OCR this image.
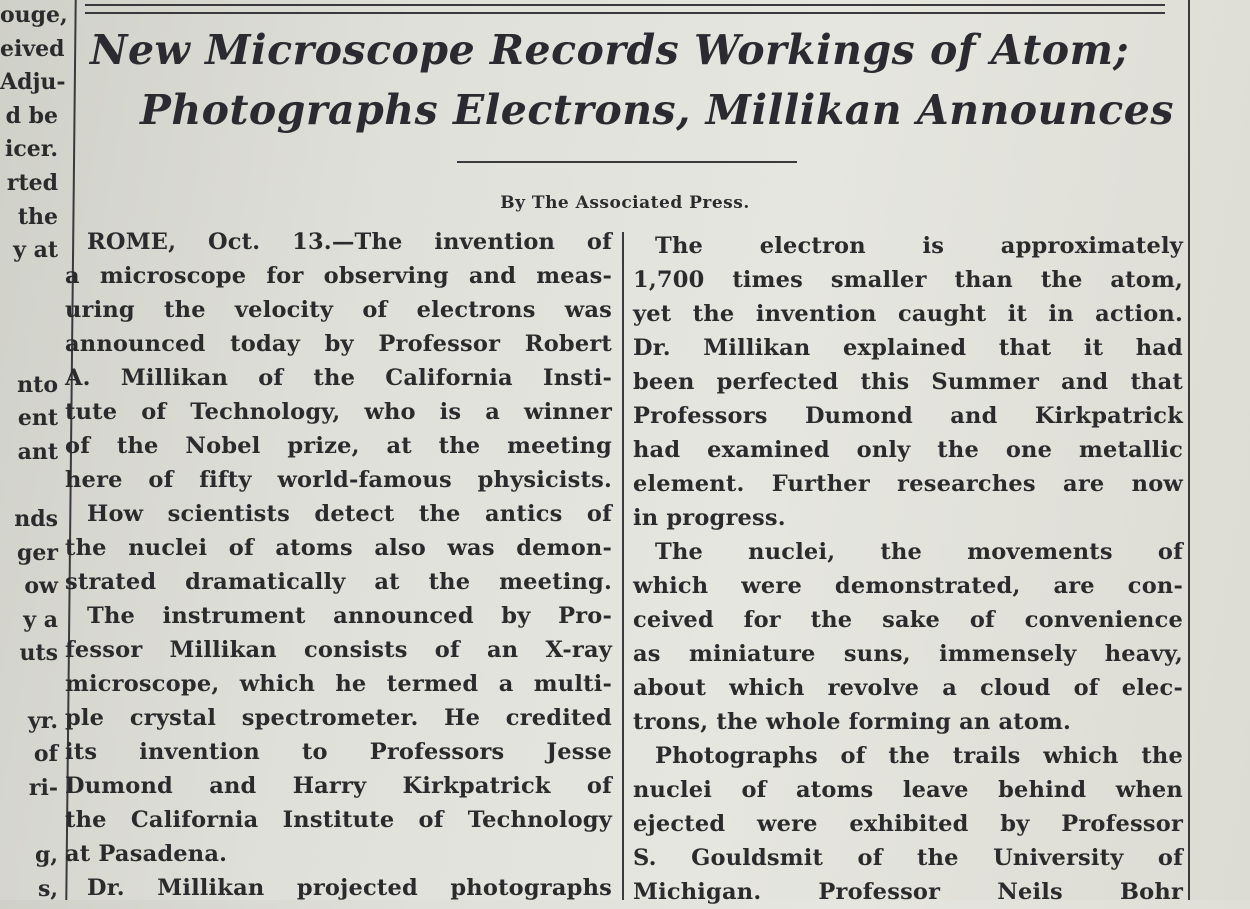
ouge,
eived
Adju-
d be
icer.
rted
the
y at
nto
ent
ant
nds
ger
ow
y a
uts
yr.
of
ri-
g,
s,
New Microscope Records Workings of Atom;
Photographs Electrons, Millikan Announces
By The Associated Press.
ROME, Oct. 13.—The invention of
a microscope for observing and meas-
uring the velocity of electrons was
announced today by Professor Robert
A. Millikan of the California Insti-
tute of Technology, who is a winner
of the Nobel prize, at the meeting
here of fifty world-famous physicists.
How scientists detect the antics of
the nuclei of atoms also was demon-
strated dramatically at the meeting.
The instrument announced by Pro-
fessor Millikan consists of an X-ray
microscope, which he termed a multi-
ple crystal spectrometer. He credited
its invention to Professors Jesse
Dumond and Harry Kirkpatrick of
the California Institute of Technology
at Pasadena.
Dr. Millikan projected photographs
The electron is approximately
1,700 times smaller than the atom,
yet the invention caught it in action.
Dr. Millikan explained that it had
been perfected this Summer and that
Professors Dumond and Kirkpatrick
had examined only the one metallic
element. Further researches are now
in progress.
The nuclei, the movements of
which were demonstrated, are con-
ceived for the sake of convenience
as miniature suns, immensely heavy,
about which revolve a cloud of elec-
trons, the whole forming an atom.
Photographs of the trails which the
nuclei of atoms leave behind when
ejected were exhibited by Professor
S. Gouldsmit of the University of
Michigan. Professor Neils Bohr
